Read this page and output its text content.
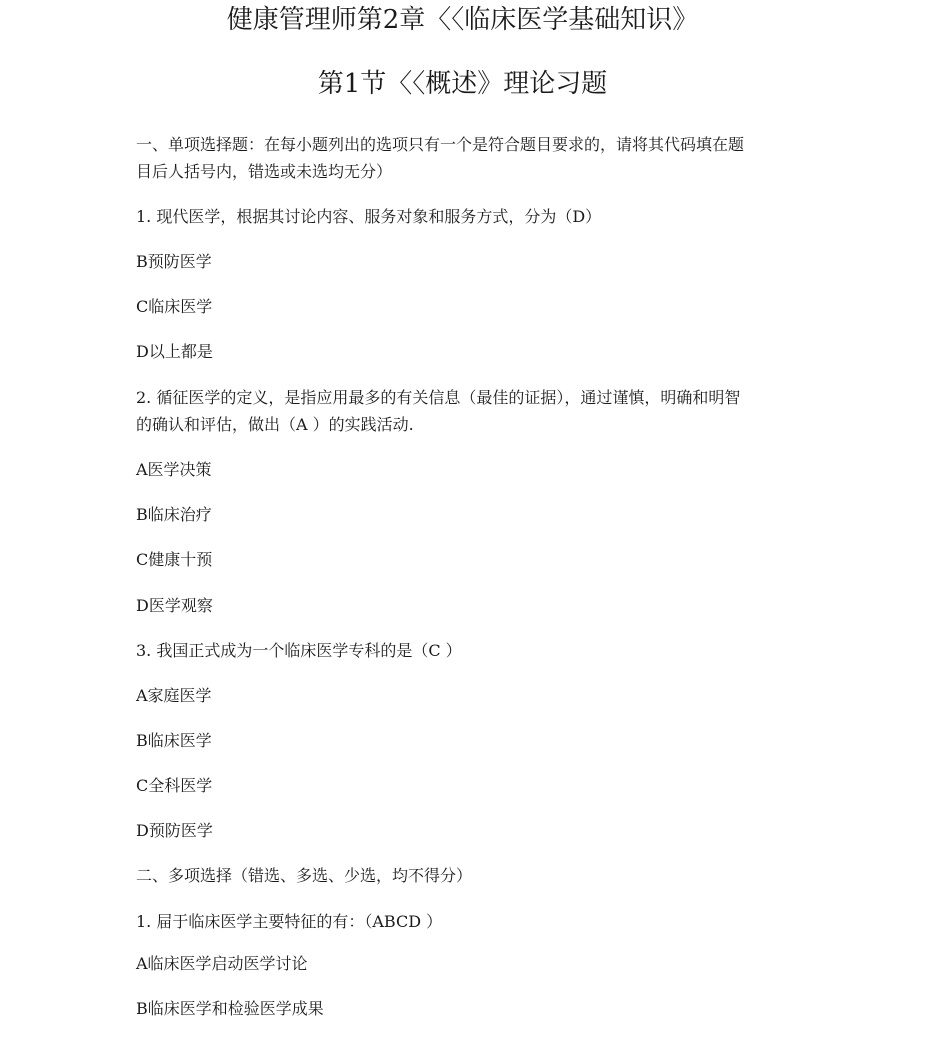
健康管理师第2章〈〈临床医学基础知识》
第1节〈〈概述》理论习题

一、单项选择题：在每小题列出的选项只有一个是符合题目要求的，请将其代码填在题

目后人括号内，错选或未选均无分）

1. 现代医学，根据其讨论内容、服务对象和服务方式，分为（D）

B预防医学

C临床医学

D以上都是

2. 循征医学的定义，是指应用最多的有关信息（最佳的证据），通过谨慎，明确和明智

的确认和评估，做出（A ）的实践活动.

A医学决策

B临床治疗

C健康十预

D医学观察

3. 我国正式成为一个临床医学专科的是（C ）

A家庭医学

B临床医学

C全科医学

D预防医学

二、多项选择（错选、多选、少选，均不得分）

1. 屇于临床医学主要特征的有：（ABCD ）

A临床医学启动医学讨论

B临床医学和检验医学成果
